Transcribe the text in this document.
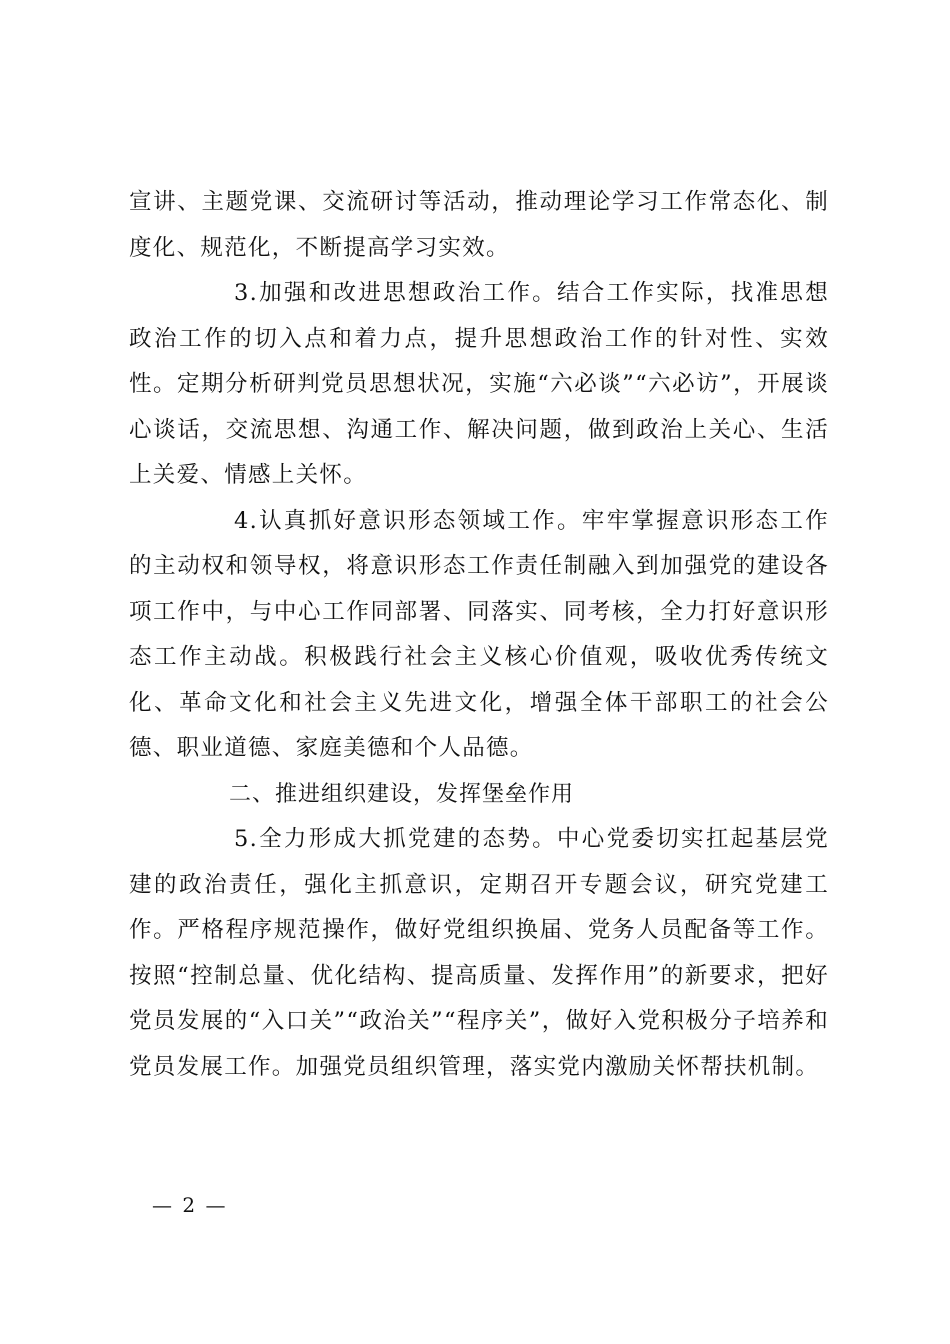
宣讲、主题党课、交流研讨等活动，推动理论学习工作常态化、制度化、规范化，不断提高学习实效。

3.加强和改进思想政治工作。结合工作实际，找准思想政治工作的切入点和着力点，提升思想政治工作的针对性、实效性。定期分析研判党员思想状况，实施“六必谈”“六必访”，开展谈心谈话，交流思想、沟通工作、解决问题，做到政治上关心、生活上关爱、情感上关怀。

4.认真抓好意识形态领域工作。牢牢掌握意识形态工作的主动权和领导权，将意识形态工作责任制融入到加强党的建设各项工作中，与中心工作同部署、同落实、同考核，全力打好意识形态工作主动战。积极践行社会主义核心价值观，吸收优秀传统文化、革命文化和社会主义先进文化，增强全体干部职工的社会公德、职业道德、家庭美德和个人品德。

二、推进组织建设，发挥堡垒作用

5.全力形成大抓党建的态势。中心党委切实扛起基层党建的政治责任，强化主抓意识，定期召开专题会议，研究党建工作。严格程序规范操作，做好党组织换届、党务人员配备等工作。按照“控制总量、优化结构、提高质量、发挥作用”的新要求，把好党员发展的“入口关”“政治关”“程序关”，做好入党积极分子培养和党员发展工作。加强党员组织管理，落实党内激励关怀帮扶机制。

— 2 —
